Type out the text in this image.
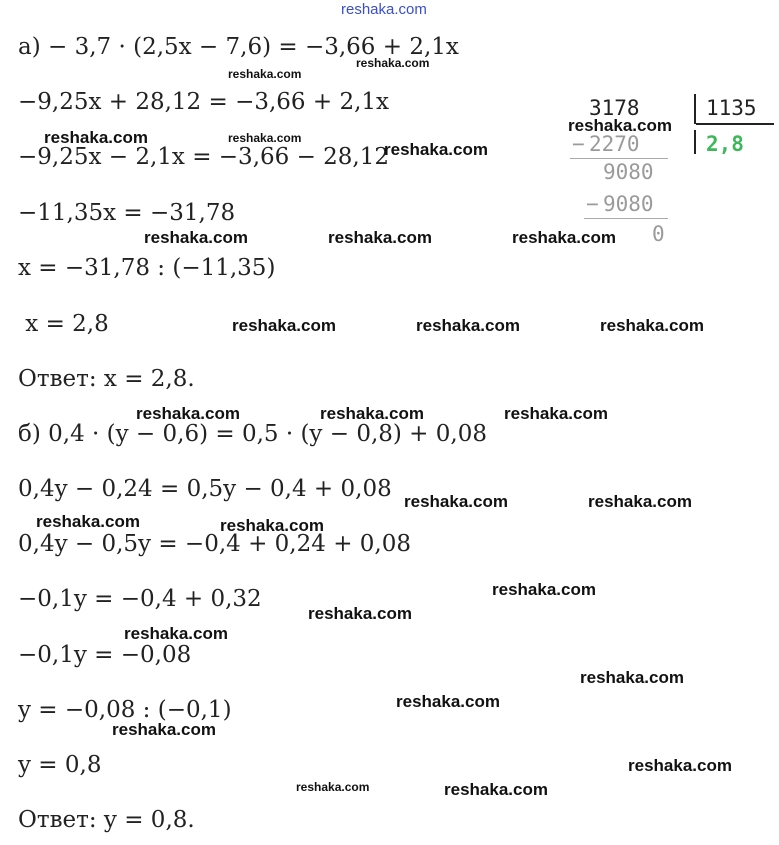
reshaka.com
а) − 3,7 · (2,5x − 7,6) = −3,66 + 2,1x
−9,25x + 28,12 = −3,66 + 2,1x
−9,25x − 2,1x = −3,66 − 28,12
−11,35x = −31,78
x = −31,78 : (−11,35)
x = 2,8
Ответ: x = 2,8.
б) 0,4 · (y − 0,6) = 0,5 · (y − 0,8) + 0,08
0,4y − 0,24 = 0,5y − 0,4 + 0,08
0,4y − 0,5y = −0,4 + 0,24 + 0,08
−0,1y = −0,4 + 0,32
−0,1y = −0,08
y = −0,08 : (−0,1)
y = 0,8
Ответ: y = 0,8.
3178	1135
2,8
− 2270
9080
− 9080
0
reshaka.com
reshaka.com
reshaka.com
reshaka.com
reshaka.com
reshaka.com
reshaka.com	reshaka.com	reshaka.com
reshaka.com	reshaka.com	reshaka.com
reshaka.com	reshaka.com	reshaka.com
reshaka.com	reshaka.com
reshaka.com	reshaka.com
reshaka.com
reshaka.com
reshaka.com
reshaka.com
reshaka.com
reshaka.com
reshaka.com
reshaka.com	reshaka.com
